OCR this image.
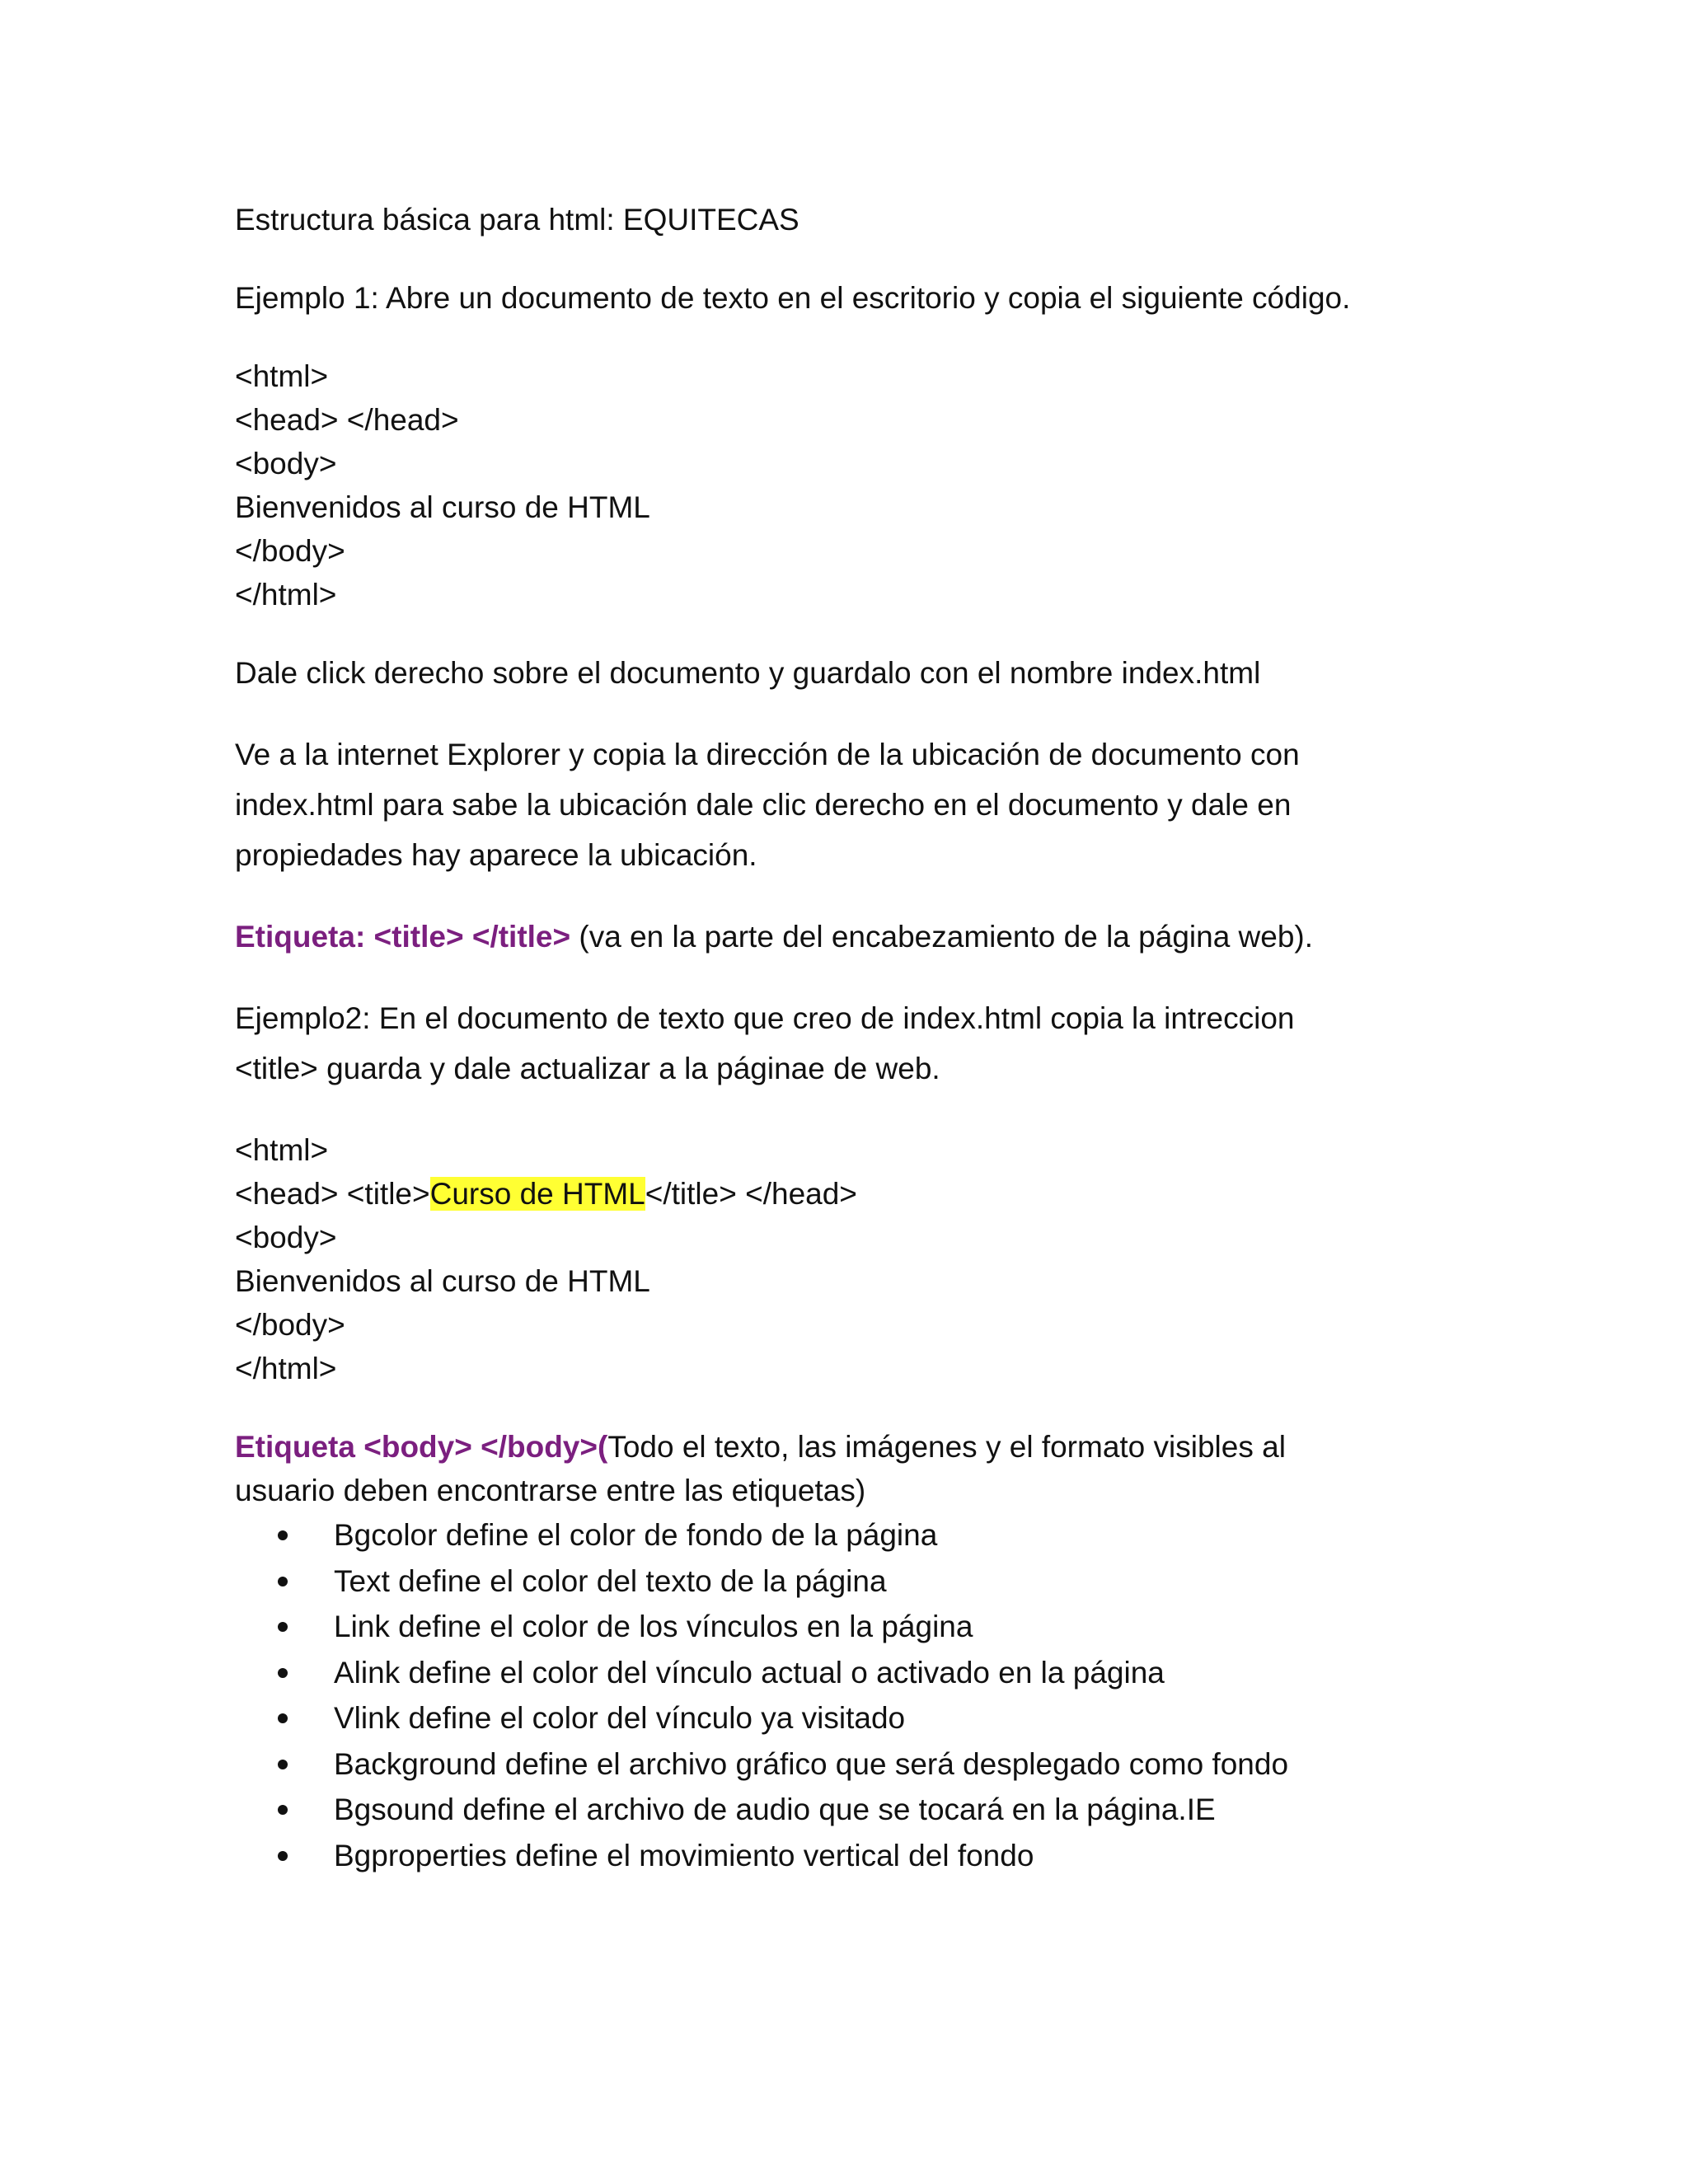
Estructura básica para html: EQUITECAS

Ejemplo 1: Abre un documento de texto en el escritorio y copia el siguiente código.

<html>
<head> </head>
<body>
Bienvenidos al curso de HTML
</body>
</html>

Dale click derecho sobre el documento y guardalo con el nombre index.html

Ve a la internet Explorer y copia la dirección de la ubicación de documento con
index.html para sabe la ubicación dale clic derecho en el documento y dale en
propiedades hay aparece la ubicación.

Etiqueta: <title> </title> (va en la parte del encabezamiento de la página web).

Ejemplo2: En el documento de texto que creo de index.html copia la intreccion
<title> guarda y dale actualizar a la páginae de web.

<html>
<head> <title>Curso de HTML</title> </head>
<body>
Bienvenidos al curso de HTML
</body>
</html>

Etiqueta <body> </body>(Todo el texto, las imágenes y el formato visibles al
usuario deben encontrarse entre las etiquetas)

Bgcolor define el color de fondo de la página
Text define el color del texto de la página
Link define el color de los vínculos en la página
Alink define el color del vínculo actual o activado en la página
Vlink define el color del vínculo ya visitado
Background define el archivo gráfico que será desplegado como fondo
Bgsound define el archivo de audio que se tocará en la página.IE
Bgproperties define el movimiento vertical del fondo
